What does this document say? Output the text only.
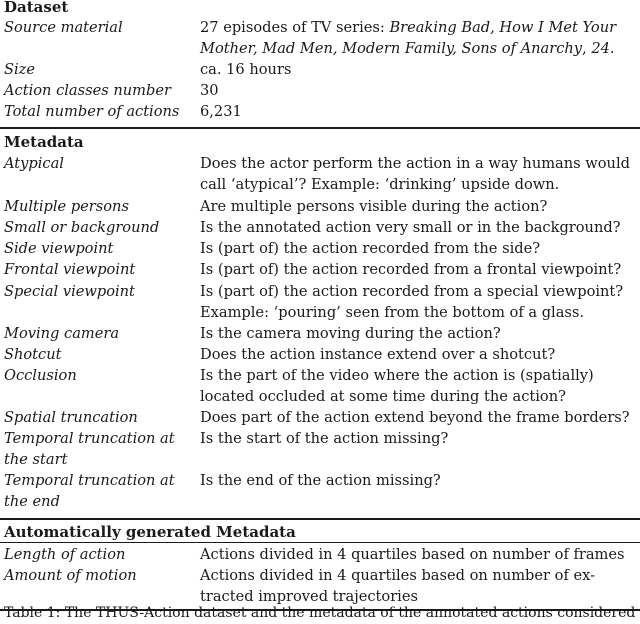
Dataset
Source material	27 episodes of TV series: Breaking Bad, How I Met Your
Mother, Mad Men, Modern Family, Sons of Anarchy, 24.
Size	ca. 16 hours
Action classes number	30
Total number of actions	6,231
Metadata
Atypical	Does the actor perform the action in a way humans would
call ‘atypical’? Example: ‘drinking’ upside down.
Multiple persons	Are multiple persons visible during the action?
Small or background	Is the annotated action very small or in the background?
Side viewpoint	Is (part of) the action recorded from the side?
Frontal viewpoint	Is (part of) the action recorded from a frontal viewpoint?
Special viewpoint	Is (part of) the action recorded from a special viewpoint?
Example: ‘pouring’ seen from the bottom of a glass.
Moving camera	Is the camera moving during the action?
Shotcut	Does the action instance extend over a shotcut?
Occlusion	Is the part of the video where the action is (spatially)
located occluded at some time during the action?
Spatial truncation	Does part of the action extend beyond the frame borders?
Temporal truncation at	Is the start of the action missing?
the start
Temporal truncation at	Is the end of the action missing?
the end
Automatically generated Metadata
Length of action	Actions divided in 4 quartiles based on number of frames
Amount of motion	Actions divided in 4 quartiles based on number of ex-
tracted improved trajectories
Table 1: The THUS-Action dataset and the metadata of the annotated actions considered
